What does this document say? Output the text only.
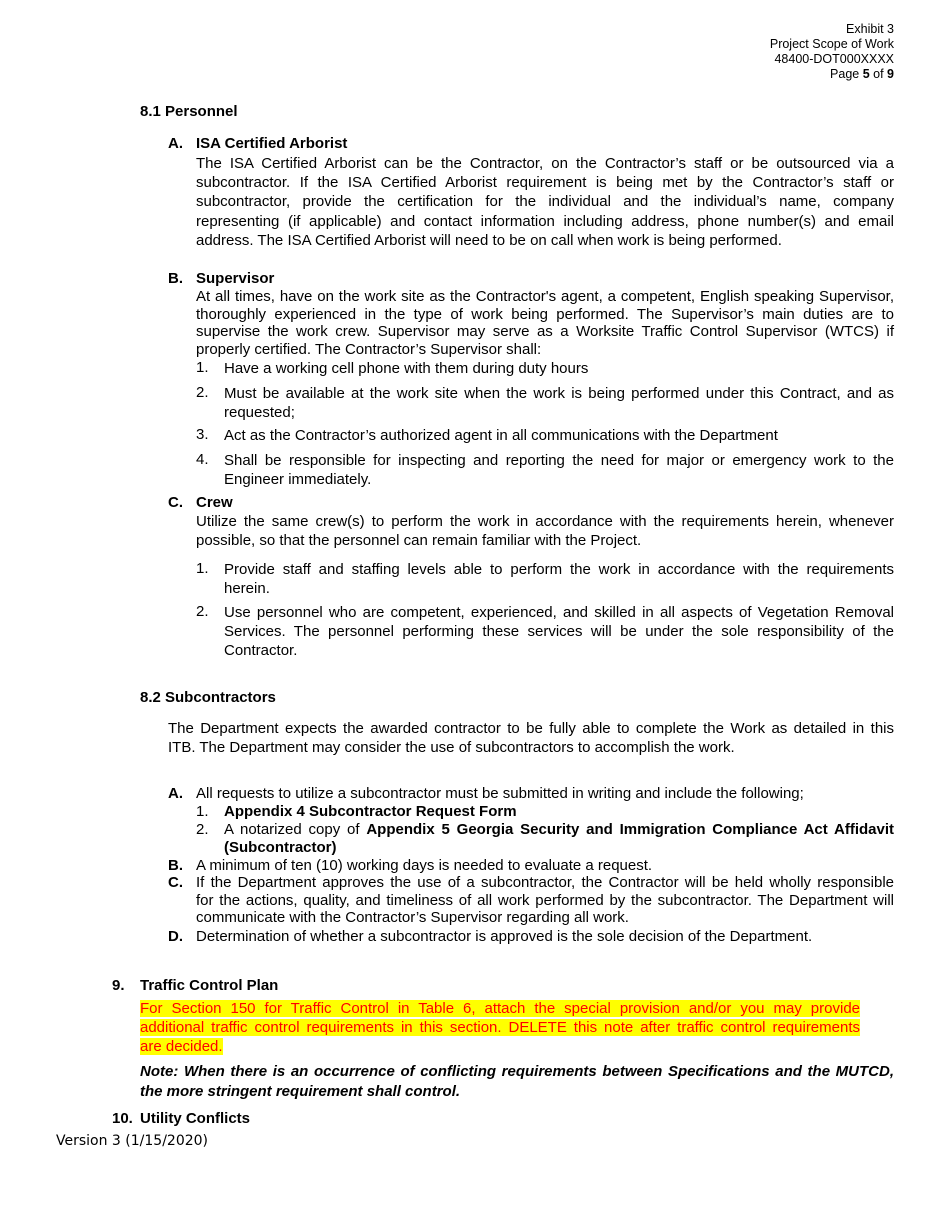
Exhibit 3
Project Scope of Work
48400-DOT000XXXX
Page 5 of 9
8.1 Personnel
A. ISA Certified Arborist
The ISA Certified Arborist can be the Contractor, on the Contractor’s staff or be outsourced via a
subcontractor. If the ISA Certified Arborist requirement is being met by the Contractor’s staff or
subcontractor, provide the certification for the individual and the individual’s name, company
representing (if applicable) and contact information including address, phone number(s) and email
address. The ISA Certified Arborist will need to be on call when work is being performed.
B. Supervisor
At all times, have on the work site as the Contractor's agent, a competent, English speaking Supervisor,
thoroughly experienced in the type of work being performed. The Supervisor’s main duties are to
supervise the work crew. Supervisor may serve as a Worksite Traffic Control Supervisor (WTCS) if
properly certified. The Contractor’s Supervisor shall:
1. Have a working cell phone with them during duty hours
2. Must be available at the work site when the work is being performed under this Contract, and as
requested;
3. Act as the Contractor’s authorized agent in all communications with the Department
4. Shall be responsible for inspecting and reporting the need for major or emergency work to the
Engineer immediately.
C. Crew
Utilize the same crew(s) to perform the work in accordance with the requirements herein, whenever
possible, so that the personnel can remain familiar with the Project.
1. Provide staff and staffing levels able to perform the work in accordance with the requirements
herein.
2. Use personnel who are competent, experienced, and skilled in all aspects of Vegetation Removal
Services. The personnel performing these services will be under the sole responsibility of the
Contractor.
8.2 Subcontractors
The Department expects the awarded contractor to be fully able to complete the Work as detailed in this
ITB. The Department may consider the use of subcontractors to accomplish the work.
A. All requests to utilize a subcontractor must be submitted in writing and include the following;
1. Appendix 4 Subcontractor Request Form
2. A notarized copy of Appendix 5 Georgia Security and Immigration Compliance Act Affidavit
(Subcontractor)
B. A minimum of ten (10) working days is needed to evaluate a request.
C. If the Department approves the use of a subcontractor, the Contractor will be held wholly responsible
for the actions, quality, and timeliness of all work performed by the subcontractor. The Department will
communicate with the Contractor’s Supervisor regarding all work.
D. Determination of whether a subcontractor is approved is the sole decision of the Department.
9. Traffic Control Plan
For Section 150 for Traffic Control in Table 6, attach the special provision and/or you may provide
additional traffic control requirements in this section. DELETE this note after traffic control requirements
are decided.
Note: When there is an occurrence of conflicting requirements between Specifications and the MUTCD,
the more stringent requirement shall control.
10. Utility Conflicts
Version 3 (1/15/2020)
